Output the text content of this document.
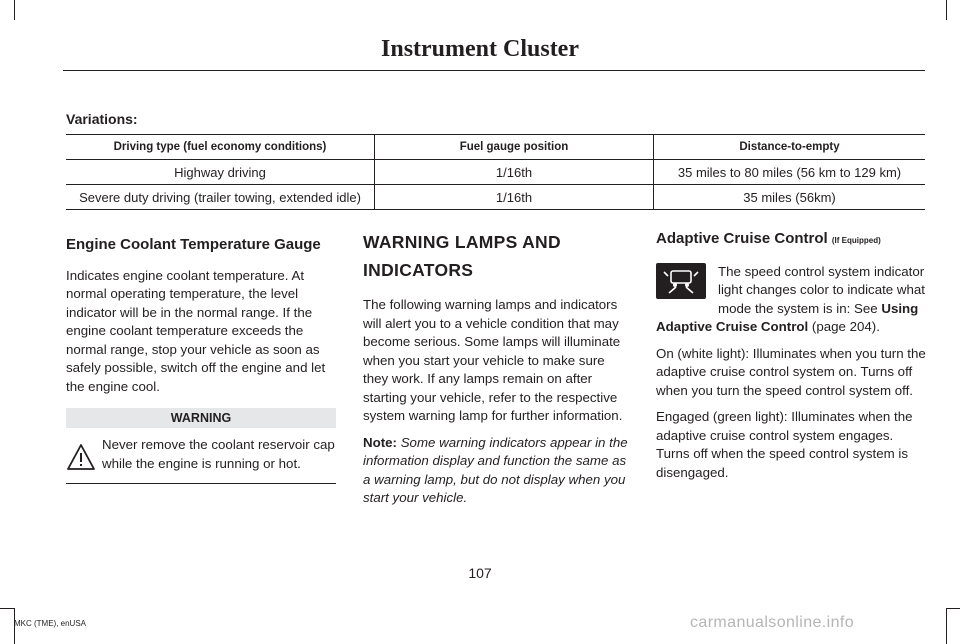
Instrument Cluster
Variations:
Driving type (fuel economy conditions)	Fuel gauge position	Distance-to-empty
Highway driving	1/16th	35 miles to 80 miles (56 km to 129 km)
Severe duty driving (trailer towing, extended idle)	1/16th	35 miles (56km)
Engine Coolant Temperature Gauge

Indicates engine coolant temperature. At normal operating temperature, the level indicator will be in the normal range. If the engine coolant temperature exceeds the normal range, stop your vehicle as soon as safely possible, switch off the engine and let the engine cool.

WARNING
Never remove the coolant reservoir cap while the engine is running or hot.
WARNING LAMPS AND
INDICATORS

The following warning lamps and indicators will alert you to a vehicle condition that may become serious. Some lamps will illuminate when you start your vehicle to make sure they work. If any lamps remain on after starting your vehicle, refer to the respective system warning lamp for further information.

Note: Some warning indicators appear in the information display and function the same as a warning lamp, but do not display when you start your vehicle.

Adaptive Cruise Control (If Equipped)

The speed control system indicator light changes color to indicate what mode the system is in: See Using Adaptive Cruise Control (page 204).

On (white light): Illuminates when you turn the adaptive cruise control system on. Turns off when you turn the speed control system off.

Engaged (green light): Illuminates when the adaptive cruise control system engages. Turns off when the speed control system is disengaged.

107
MKC (TME), enUSA	carmanualsonline.info
